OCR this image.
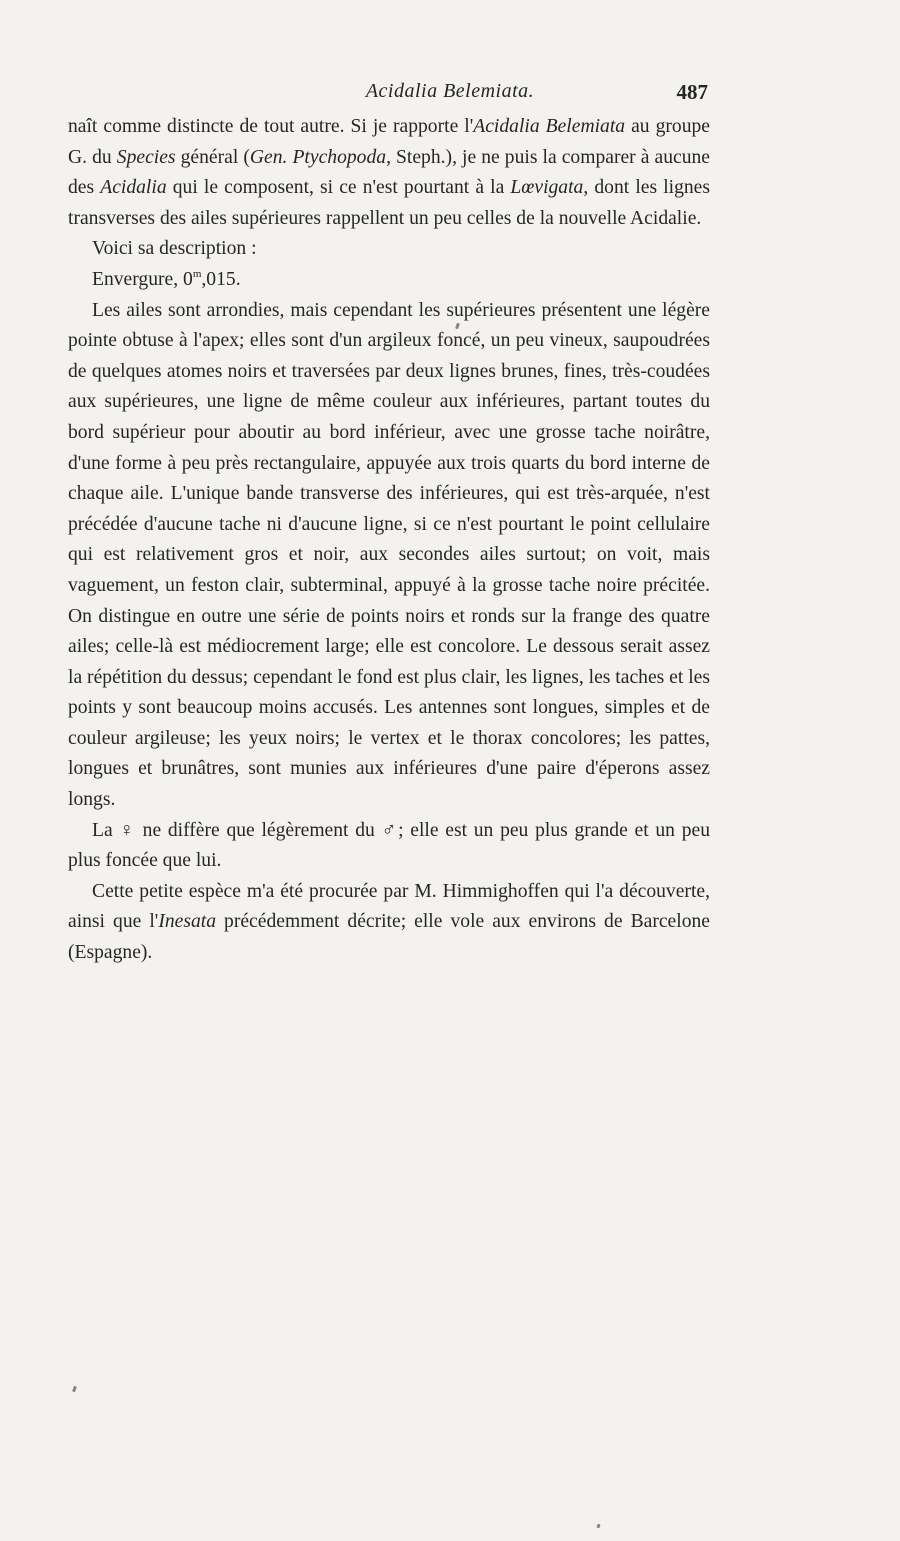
Acidalia Belemiata.	487

naît comme distincte de tout autre. Si je rapporte l'Acidalia Belemiata au groupe G. du Species général (Gen. Ptychopoda, Steph.), je ne puis la comparer à aucune des Acidalia qui le composent, si ce n'est pourtant à la Lœvigata, dont les lignes transverses des ailes supérieures rappellent un peu celles de la nouvelle Acidalie.

Voici sa description :

Envergure, 0$^m$,015.

Les ailes sont arrondies, mais cependant les supérieures présentent une légère pointe obtuse à l'apex; elles sont d'un argileux foncé, un peu vineux, saupoudrées de quelques atomes noirs et traversées par deux lignes brunes, fines, très-coudées aux supérieures, une ligne de même couleur aux inférieures, partant toutes du bord supérieur pour aboutir au bord inférieur, avec une grosse tache noirâtre, d'une forme à peu près rectangulaire, appuyée aux trois quarts du bord interne de chaque aile. L'unique bande transverse des inférieures, qui est très-arquée, n'est précédée d'aucune tache ni d'aucune ligne, si ce n'est pourtant le point cellulaire qui est relativement gros et noir, aux secondes ailes surtout; on voit, mais vaguement, un feston clair, subterminal, appuyé à la grosse tache noire précitée. On distingue en outre une série de points noirs et ronds sur la frange des quatre ailes; celle-là est médiocrement large; elle est concolore. Le dessous serait assez la répétition du dessus; cependant le fond est plus clair, les lignes, les taches et les points y sont beaucoup moins accusés. Les antennes sont longues, simples et de couleur argileuse; les yeux noirs; le vertex et le thorax concolores; les pattes, longues et brunâtres, sont munies aux inférieures d'une paire d'éperons assez longs.

La ♀ ne diffère que légèrement du ♂; elle est un peu plus grande et un peu plus foncée que lui.

Cette petite espèce m'a été procurée par M. Himmighoffen qui l'a découverte, ainsi que l'Inesata précédemment décrite; elle vole aux environs de Barcelone (Espagne).
